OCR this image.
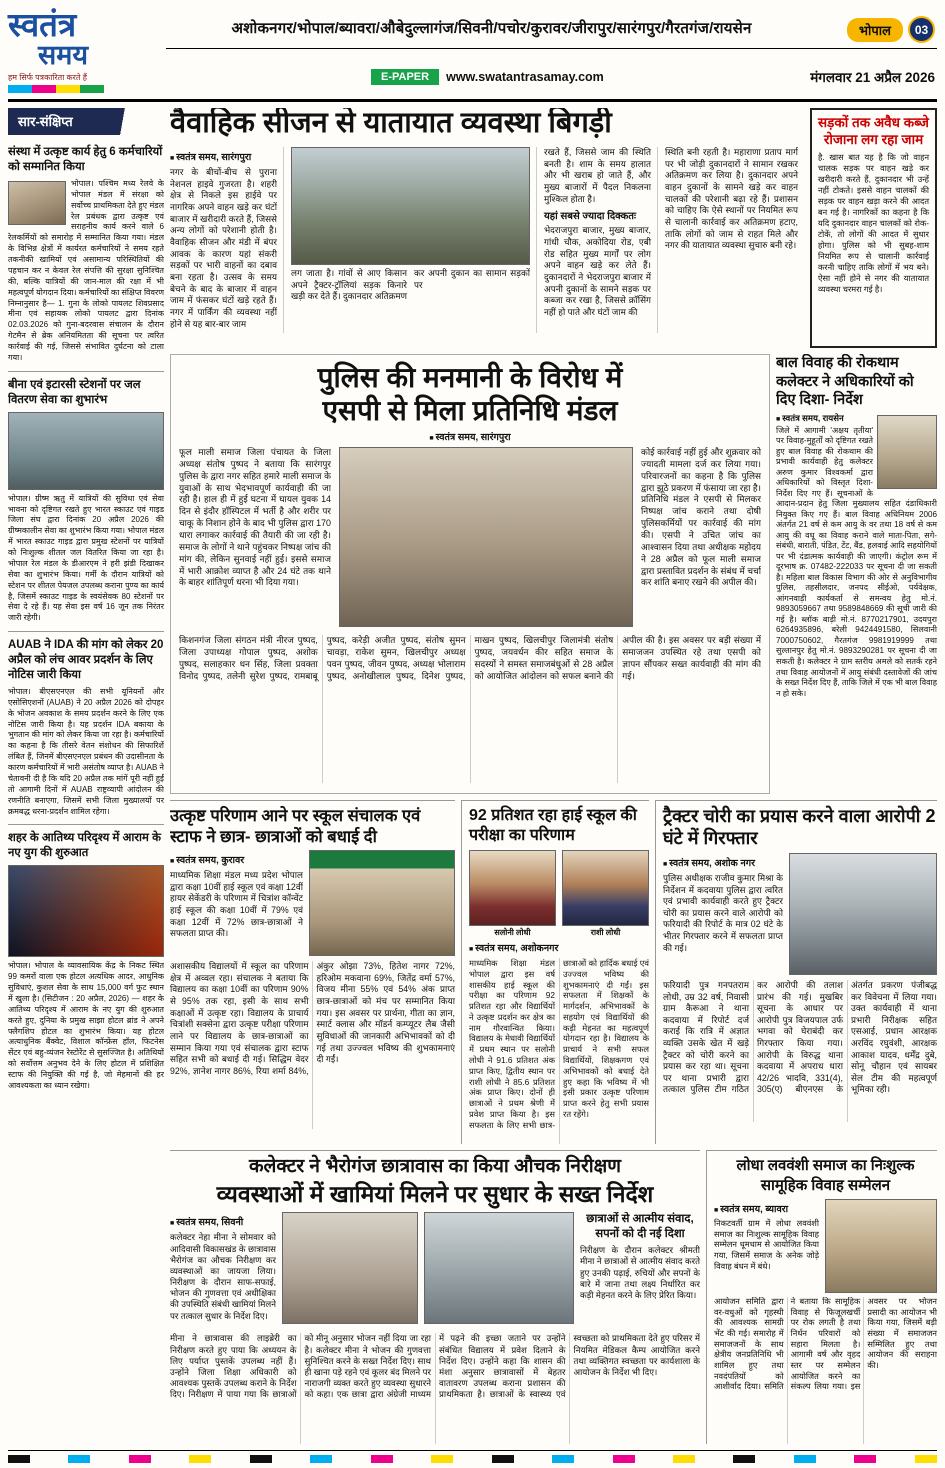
स्वतंत्र
समय
हम सिर्फ पत्रकारिता करते हैं
अशोकनगर/भोपाल/ब्यावरा/औबेदुल्लागंज/सिवनी/पचोर/कुरावर/जीरापुर/सारंगपुर/गैरतगंज/रायसेन	भोपाल	03
E-PAPER	www.swatantrasamay.com	मंगलवार 21 अप्रैल 2026
सार-संक्षिप्त
संस्था में उत्कृष्ट कार्य हेतु 6 कर्मचारियों को सम्मानित किया

भोपाल। पश्चिम मध्य रेलवे के भोपाल मंडल में संरक्षा को सर्वोच्च प्राथमिकता देते हुए मंडल रेल प्रबंधक द्वारा उत्कृष्ट एवं सराहनीय कार्य करने वाले 6 रेलकर्मियों को समारोह में सम्मानित किया गया। मंडल के विभिन्न क्षेत्रों में कार्यरत कर्मचारियों ने समय रहते तकनीकी खामियों एवं असामान्य परिस्थितियों की पहचान कर न केवल रेल संपत्ति की सुरक्षा सुनिश्चित की, बल्कि यात्रियों की जान-माल की रक्षा में भी महत्वपूर्ण योगदान दिया। कर्मचारियों का संक्षिप्त विवरण निम्नानुसार है— 1. गुना के लोको पायलट शिवप्रसाद मीना एवं सहायक लोको पायलट द्वारा दिनांक 02.03.2026 को गुना-बदरवास संचालन के दौरान गेटमैन से ब्रेक अनियमितता की सूचना पर त्वरित कार्रवाई की गई, जिससे संभावित दुर्घटना को टाला गया।

बीना एवं इटारसी स्टेशनों पर जल वितरण सेवा का शुभारंभ

भोपाल। ग्रीष्म ऋतु में यात्रियों की सुविधा एवं सेवा भावना को दृष्टिगत रखते हुए भारत स्काउट एवं गाइड जिला संघ द्वारा दिनांक 20 अप्रैल 2026 की ग्रीष्मकालीन सेवा का शुभारंभ किया गया। भोपाल मंडल में भारत स्काउट गाइड द्वारा प्रमुख स्टेशनों पर यात्रियों को निःशुल्क शीतल जल वितरित किया जा रहा है। भोपाल रेल मंडल के डीआरएम ने हरी झंडी दिखाकर सेवा का शुभारंभ किया। गर्मी के दौरान यात्रियों को स्टेशन पर शीतल पेयजल उपलब्ध कराना पुण्य का कार्य है, जिसमें स्काउट गाइड के स्वयंसेवक 80 स्टेशनों पर सेवा दे रहे हैं। यह सेवा इस वर्ष 16 जून तक निरंतर जारी रहेगी।

AUAB ने IDA की मांग को लेकर 20 अप्रैल को लंच आवर प्रदर्शन के लिए नोटिस जारी किया

भोपाल। बीएसएनएल की सभी यूनियनों और एसोसिएशनों (AUAB) ने 20 अप्रैल 2026 को दोपहर के भोजन अवकाश के समय प्रदर्शन करने के लिए एक नोटिस जारी किया है। यह प्रदर्शन IDA बकाया के भुगतान की मांग को लेकर किया जा रहा है। कर्मचारियों का कहना है कि तीसरे वेतन संशोधन की सिफारिशें लंबित हैं, जिनमें बीएसएनएल प्रबंधन की उदासीनता के कारण कर्मचारियों में भारी असंतोष व्याप्त है। AUAB ने चेतावनी दी है कि यदि 20 अप्रैल तक मांगें पूरी नहीं हुईं तो आगामी दिनों में AUAB राष्ट्रव्यापी आंदोलन की रणनीति बनाएगा, जिसमें सभी जिला मुख्यालयों पर क्रमबद्ध धरना-प्रदर्शन शामिल रहेगा।

शहर के आतिथ्य परिदृश्य में आराम के नए युग की शुरुआत

भोपाल। भोपाल के व्यावसायिक केंद्र के निकट स्थित 99 कमरों वाला एक होटल अत्यधिक आदर, आधुनिक सुविधाएं, कुशल सेवा के साथ 15,000 वर्ग फुट स्थान में खुला है। (सिटीजन : 20 अप्रैल, 2026) — शहर के आतिथ्य परिदृश्य में आराम के नए युग की शुरुआत करते हुए, दुनिया के प्रमुख साझा होटल ब्रांड ने अपने फ्लैगशिप होटल का शुभारंभ किया। यह होटल अत्याधुनिक बैंक्वेट, विशाल कॉन्फ्रेंस हॉल, फिटनेस सेंटर एवं बहु-व्यंजन रेस्टोरेंट से सुसज्जित है। अतिथियों को सर्वोत्तम अनुभव देने के लिए होटल में प्रशिक्षित स्टाफ की नियुक्ति की गई है, जो मेहमानों की हर आवश्यकता का ध्यान रखेगा।

वैवाहिक सीजन से यातायात व्यवस्था बिगड़ी
■ स्वतंत्र समय, सारंगपुरा

नगर के बीचों-बीच से पुराना नेशनल हाइवे गुजरता है। शहरी क्षेत्र से निकले इस हाईवे पर नागरिक अपने वाहन खड़े कर घंटों बाजार में खरीदारी करते हैं, जिससे अन्य लोगों को परेशानी होती है। वैवाहिक सीजन और मंडी में बंपर आवक के कारण यहां संकरी सड़कों पर भारी वाहनों का दबाव बना रहता है। उत्सव के समय बेचने के बाद के बाजार में वाहन जाम में फंसकर घंटों खड़े रहते हैं। नगर में पार्किंग की व्यवस्था नहीं होने से यह बार-बार जाम

लग जाता है। गांवों से आए किसान अपने ट्रैक्टर-ट्रॉलियां सड़क किनारे खड़ी कर देते हैं। दुकानदार अतिक्रमण कर अपनी दुकान का सामान सड़कों पर

रखते हैं, जिससे जाम की स्थिति बनती है। शाम के समय हालात और भी खराब हो जाते हैं, और मुख्य बाजारों में पैदल निकलना मुश्किल होता है।

यहां सबसे ज्यादा दिक्कतः

भेदराजपुरा बाजार, मुख्य बाजार, गांधी चौक, अकोदिया रोड, एबी रोड सहित मुख्य मार्गों पर लोग अपने वाहन खड़े कर लेते हैं। दुकानदारों ने भेदराजपुरा बाजार में अपनी दुकानों के सामने सड़क पर कब्जा कर रखा है, जिससे क्रॉसिंग नहीं हो पाते और घंटों जाम की

स्थिति बनी रहती है। महाराणा प्रताप मार्ग पर भी जोड़ी दुकानदारों ने सामान रखकर अतिक्रमण कर लिया है। दुकानदार अपने वाहन दुकानों के सामने खड़े कर वाहन चालकों की परेशानी बढ़ा रहे हैं। प्रशासन को चाहिए कि ऐसे स्थानों पर नियमित रूप से चालानी कार्रवाई कर अतिक्रमण हटाए, ताकि लोगों को जाम से राहत मिले और नगर की यातायात व्यवस्था सुचारु बनी रहे।

सड़कों तक अवैध कब्जे रोजाना लग रहा जाम

है. खास बात यह है कि जो वाहन चालक सड़क पर वाहन खड़े कर खरीदारी करते हैं, दुकानदार भी उन्हें नहीं टोकते। इससे वाहन चालकों की सड़क पर वाहन खड़ा करने की आदत बन गई है। नागरिकों का कहना है कि यदि दुकानदार वाहन चालकों को रोक-टोकें, तो लोगों की आदत में सुधार होगा। पुलिस को भी सुबह-शाम नियमित रूप से चालानी कार्रवाई करनी चाहिए ताकि लोगों में भय बने। ऐसा नहीं होने से नगर की यातायात व्यवस्था चरमरा गई है।

पुलिस की मनमानी के विरोध में
एसपी से मिला प्रतिनिधि मंडल
■ स्वतंत्र समय, सारंगपुरा

फूल माली समाज जिला पंचायत के जिला अध्यक्ष संतोष पुष्पद ने बताया कि सारंगपुर पुलिस के द्वारा नगर सहित हमारे माली समाज के युवाओं के साथ भेदभावपूर्ण कार्यवाही की जा रही है। हाल ही में हुई घटना में घायल युवक 14 दिन से इंदौर हॉस्पिटल में भर्ती है और शरीर पर चाकू के निशान होने के बाद भी पुलिस द्वारा 170 धारा लगाकर कार्रवाई की तैयारी की जा रही है। समाज के लोगों ने थाने पहुंचकर निष्पक्ष जांच की मांग की, लेकिन सुनवाई नहीं हुई। इससे समाज में भारी आक्रोश व्याप्त है और 24 घंटे तक थाने के बाहर शांतिपूर्ण धरना भी दिया गया।

कोई कार्रवाई नहीं हुई और शुक्रवार को ज्यादती मामला दर्ज कर लिया गया। परिवारजनों का कहना है कि पुलिस द्वारा झूठे प्रकरण में फंसाया जा रहा है। प्रतिनिधि मंडल ने एसपी से मिलकर निष्पक्ष जांच कराने तथा दोषी पुलिसकर्मियों पर कार्रवाई की मांग की। एसपी ने उचित जांच का आश्वासन दिया तथा अधीक्षक महोदय ने 28 अप्रैल को फूल माली समाज द्वारा प्रस्तावित प्रदर्शन के संबंध में चर्चा कर शांति बनाए रखने की अपील की।

किशनगंज जिला संगठन मंत्री नीरज पुष्पद, जिला उपाध्यक्ष गोपाल पुष्पद, अशोक पुष्पद, सलाहकार धन सिंह, जिला प्रवक्ता विनोद पुष्पद, तलेनी सुरेश पुष्पद, रामबाबू पुष्पद, करेड़ी अजीत पुष्पद, संतोष सुमन चावड़ा, राकेश सुमन, खिलचीपुर अध्यक्ष पवन पुष्पद, जीवन पुष्पद, अध्यक्ष भोलाराम पुष्पद, अनोखीलाल पुष्पद, दिनेश पुष्पद, माखन पुष्पद, खिलचीपुर जिलामंत्री संतोष पुष्पद, जयवर्धन कीर सहित समाज के सदस्यों ने समस्त समाजबंधुओं से 28 अप्रैल को आयोजित आंदोलन को सफल बनाने की अपील की है। इस अवसर पर बड़ी संख्या में समाजजन उपस्थित रहे तथा एसपी को ज्ञापन सौंपकर सख्त कार्यवाही की मांग की गई।

बाल विवाह की रोकथाम कलेक्टर ने अधिकारियों को दिए दिशा- निर्देश
■ स्वतंत्र समय, रायसेन

जिले में आगामी 'अक्षय तृतीया' पर विवाह-मुहूर्तों को दृष्टिगत रखते हुए बाल विवाह की रोकथाम की प्रभावी कार्यवाही हेतु कलेक्टर अरुण कुमार विश्वकर्मा द्वारा अधिकारियों को विस्तृत दिशा-निर्देश दिए गए हैं। सूचनाओं के आदान-प्रदान हेतु जिला मुख्यालय सहित दंडाधिकारी नियुक्त किए गए हैं। बाल विवाह अधिनियम 2006 अंतर्गत 21 वर्ष से कम आयु के वर तथा 18 वर्ष से कम आयु की वधू का विवाह कराने वाले माता-पिता, सगे-संबंधी, बाराती, पंडित, टेंट, बैंड, हलवाई आदि सहयोगियों पर भी दंडात्मक कार्यवाही की जाएगी। कंट्रोल रूम में दूरभाष क्र. 07482-222033 पर सूचना दी जा सकती है। महिला बाल विकास विभाग की ओर से अनुविभागीय पुलिस, तहसीलदार, जनपद सीईओ, पर्यवेक्षक, आंगनवाड़ी कार्यकर्ता से समन्वय हेतु मो.नं. 9893059667 तथा 9589848669 की सूची जारी की गई है। ब्लॉक बाड़ी मो.नं. 8770217901, उदयपुरा 6264935896, बरेली 9424491580, सिलवानी 7000750602, गैरतगंज 9981919999 तथा सुल्तानपुर हेतु मो.नं. 9893290281 पर सूचना दी जा सकती है। कलेक्टर ने ग्राम स्तरीय अमले को सतर्क रहने तथा विवाह आयोजनों में आयु संबंधी दस्तावेजों की जांच के सख्त निर्देश दिए हैं, ताकि जिले में एक भी बाल विवाह न हो सके।

उत्कृष्ट परिणाम आने पर स्कूल संचालक एवं स्टाफ ने छात्र- छात्राओं को बधाई दी
■ स्वतंत्र समय, कुरावर

माध्यमिक शिक्षा मंडल मध्य प्रदेश भोपाल द्वारा कक्षा 10वीं हाई स्कूल एवं कक्षा 12वीं हायर सेकेंडरी के परिणाम में चित्रांश कॉन्वेंट हाई स्कूल की कक्षा 10वीं में 79% एवं कक्षा 12वीं में 72% छात्र-छात्राओं ने सफलता प्राप्त की।

अशासकीय विद्यालयों में स्कूल का परिणाम क्षेत्र में अव्वल रहा। संचालक ने बताया कि विद्यालय का कक्षा 10वीं का परिणाम 90% से 95% तक रहा, इसी के साथ सभी कक्षाओं में उत्कृष्ट रहा। विद्यालय के प्राचार्य चित्रांशी सक्सेना द्वारा उत्कृष्ट परीक्षा परिणाम लाने पर विद्यालय के छात्र-छात्राओं का सम्मान किया गया एवं संचालक द्वारा स्टाफ सहित सभी को बधाई दी गई। सिद्धिम वेदर 92%, ज्ञानेश नागर 86%, रिया शर्मा 84%, अंकुर ओझा 73%, हितेश नागर 72%, हरिओम मकवाना 69%, जितेंद्र वर्मा 57%, विजय मीना 55% एवं 54% अंक प्राप्त छात्र-छात्राओं को मंच पर सम्मानित किया गया। इस अवसर पर प्रार्थना, गीता का ज्ञान, स्मार्ट क्लास और मॉडर्न कम्प्यूटर लैब जैसी सुविधाओं की जानकारी अभिभावकों को दी गई तथा उज्ज्वल भविष्य की शुभकामनाएं दी गईं।

92 प्रतिशत रहा हाई स्कूल की परीक्षा का परिणाम
सलोनी लोधी	राशी लोधी
■ स्वतंत्र समय, अशोकनगर

माध्यमिक शिक्षा मंडल भोपाल द्वारा इस वर्ष शासकीय हाई स्कूल की परीक्षा का परिणाम 92 प्रतिशत रहा और विद्यार्थियों ने उत्कृष्ट प्रदर्शन कर क्षेत्र का नाम गौरवान्वित किया। विद्यालय के मेधावी विद्यार्थियों में प्रथम स्थान पर सलोनी लोधी ने 91.6 प्रतिशत अंक प्राप्त किए, द्वितीय स्थान पर राशी लोधी ने 85.6 प्रतिशत अंक प्राप्त किए। दोनों ही छात्राओं ने प्रथम श्रेणी में प्रवेश प्राप्त किया है। इस सफलता के लिए सभी छात्र-छात्राओं को हार्दिक बधाई एवं उज्ज्वल भविष्य की शुभकामनाएं दी गईं। इस सफलता में शिक्षकों के मार्गदर्शन, अभिभावकों के सहयोग एवं विद्यार्थियों की कड़ी मेहनत का महत्वपूर्ण योगदान रहा है। विद्यालय के प्राचार्य ने सभी सफल विद्यार्थियों, शिक्षकगण एवं अभिभावकों को बधाई देते हुए कहा कि भविष्य में भी इसी प्रकार उत्कृष्ट परिणाम प्राप्त करने हेतु सभी प्रयास रत रहेंगे।

ट्रैक्टर चोरी का प्रयास करने वाला आरोपी 2 घंटे में गिरफ्तार
■ स्वतंत्र समय, अशोक नगर

पुलिस अधीक्षक राजीव कुमार मिश्रा के निर्देशन में कदवाया पुलिस द्वारा त्वरित एवं प्रभावी कार्यवाही करते हुए ट्रैक्टर चोरी का प्रयास करने वाले आरोपी को फरियादी की रिपोर्ट के मात्र 02 घंटे के भीतर गिरफ्तार करने में सफलता प्राप्त की गई।

फरियादी पुत्र गनपतराम लोधी, उम्र 32 वर्ष, निवासी ग्राम कैरूआ ने थाना कदवाया में रिपोर्ट दर्ज कराई कि रात्रि में अज्ञात व्यक्ति उसके खेत में खड़े ट्रैक्टर को चोरी करने का प्रयास कर रहा था। सूचना पर थाना प्रभारी द्वारा तत्काल पुलिस टीम गठित कर आरोपी की तलाश प्रारंभ की गई। मुखबिर सूचना के आधार पर आरोपी पुत्र विजयपाल उर्फ भगवा को घेराबंदी कर गिरफ्तार किया गया। आरोपी के विरुद्ध थाना कदवाया में अपराध धारा 42/26 भादवि, 331(4), 305(ए) बीएनएस के अंतर्गत प्रकरण पंजीबद्ध कर विवेचना में लिया गया। उक्त कार्यवाही में थाना प्रभारी निरीक्षक सहित एसआई, प्रधान आरक्षक अरविंद रघुवंशी, आरक्षक आकाश यादव, धर्मेंद्र दुबे, सोनू चौहान एवं सायबर सेल टीम की महत्वपूर्ण भूमिका रही।

कलेक्टर ने भैरोगंज छात्रावास का किया औचक निरीक्षण
व्यवस्थाओं में खामियां मिलने पर सुधार के सख्त निर्देश
■ स्वतंत्र समय, सिवनी

कलेक्टर नेहा मीना ने सोमवार को आदिवासी विकासखंड के छात्रावास भैरोगंज का औचक निरीक्षण कर व्यवस्थाओं का जायजा लिया। निरीक्षण के दौरान साफ-सफाई, भोजन की गुणवत्ता एवं अधीक्षिका की उपस्थिति संबंधी खामियां मिलने पर तत्काल सुधार के निर्देश दिए।

छात्राओं से आत्मीय संवाद, सपनों को दी नई दिशा

निरीक्षण के दौरान कलेक्टर श्रीमती मीना ने छात्राओं से आत्मीय संवाद करते हुए उनकी पढ़ाई, रुचियों और सपनों के बारे में जाना तथा लक्ष्य निर्धारित कर कड़ी मेहनत करने के लिए प्रेरित किया।

मीना ने छात्रावास की लाइब्रेरी का निरीक्षण करते हुए पाया कि अध्ययन के लिए पर्याप्त पुस्तकें उपलब्ध नहीं हैं। उन्होंने जिला शिक्षा अधिकारी को आवश्यक पुस्तकें उपलब्ध कराने के निर्देश दिए। निरीक्षण में पाया गया कि छात्राओं को मीनू अनुसार भोजन नहीं दिया जा रहा है। कलेक्टर मीना ने भोजन की गुणवत्ता सुनिश्चित करने के सख्त निर्देश दिए। साथ ही खाना पड़े रहने एवं कूलर बंद मिलने पर नाराजगी व्यक्त करते हुए व्यवस्था सुधारने को कहा। एक छात्रा द्वारा अंग्रेजी माध्यम में पढ़ने की इच्छा जताने पर उन्होंने संबंधित विद्यालय में प्रवेश दिलाने के निर्देश दिए। उन्होंने कहा कि शासन की मंशा अनुसार छात्रावासों में बेहतर वातावरण उपलब्ध कराना प्रशासन की प्राथमिकता है। छात्राओं के स्वास्थ्य एवं स्वच्छता को प्राथमिकता देते हुए परिसर में नियमित मेडिकल कैम्प आयोजित करने तथा व्यक्तिगत स्वच्छता पर कार्यशाला के आयोजन के निर्देश भी दिए।

लोधा लववंशी समाज का निःशुल्क सामूहिक विवाह सम्मेलन
■ स्वतंत्र समय, ब्यावरा

निकटवर्ती ग्राम में लोधा लववंशी समाज का निःशुल्क सामूहिक विवाह सम्मेलन धूमधाम से आयोजित किया गया, जिसमें समाज के अनेक जोड़े विवाह बंधन में बंधे।

आयोजन समिति द्वारा वर-वधुओं को गृहस्थी की आवश्यक सामग्री भेंट की गई। समारोह में समाजजनों के साथ क्षेत्रीय जनप्रतिनिधि भी शामिल हुए तथा नवदंपतियों को आशीर्वाद दिया। समिति ने बताया कि सामूहिक विवाह से फिजूलखर्ची पर रोक लगती है तथा निर्धन परिवारों को सहारा मिलता है। आगामी वर्ष और वृहद स्तर पर सम्मेलन आयोजित करने का संकल्प लिया गया। इस अवसर पर भोजन प्रसादी का आयोजन भी किया गया, जिसमें बड़ी संख्या में समाजजन सम्मिलित हुए तथा आयोजन की सराहना की।
